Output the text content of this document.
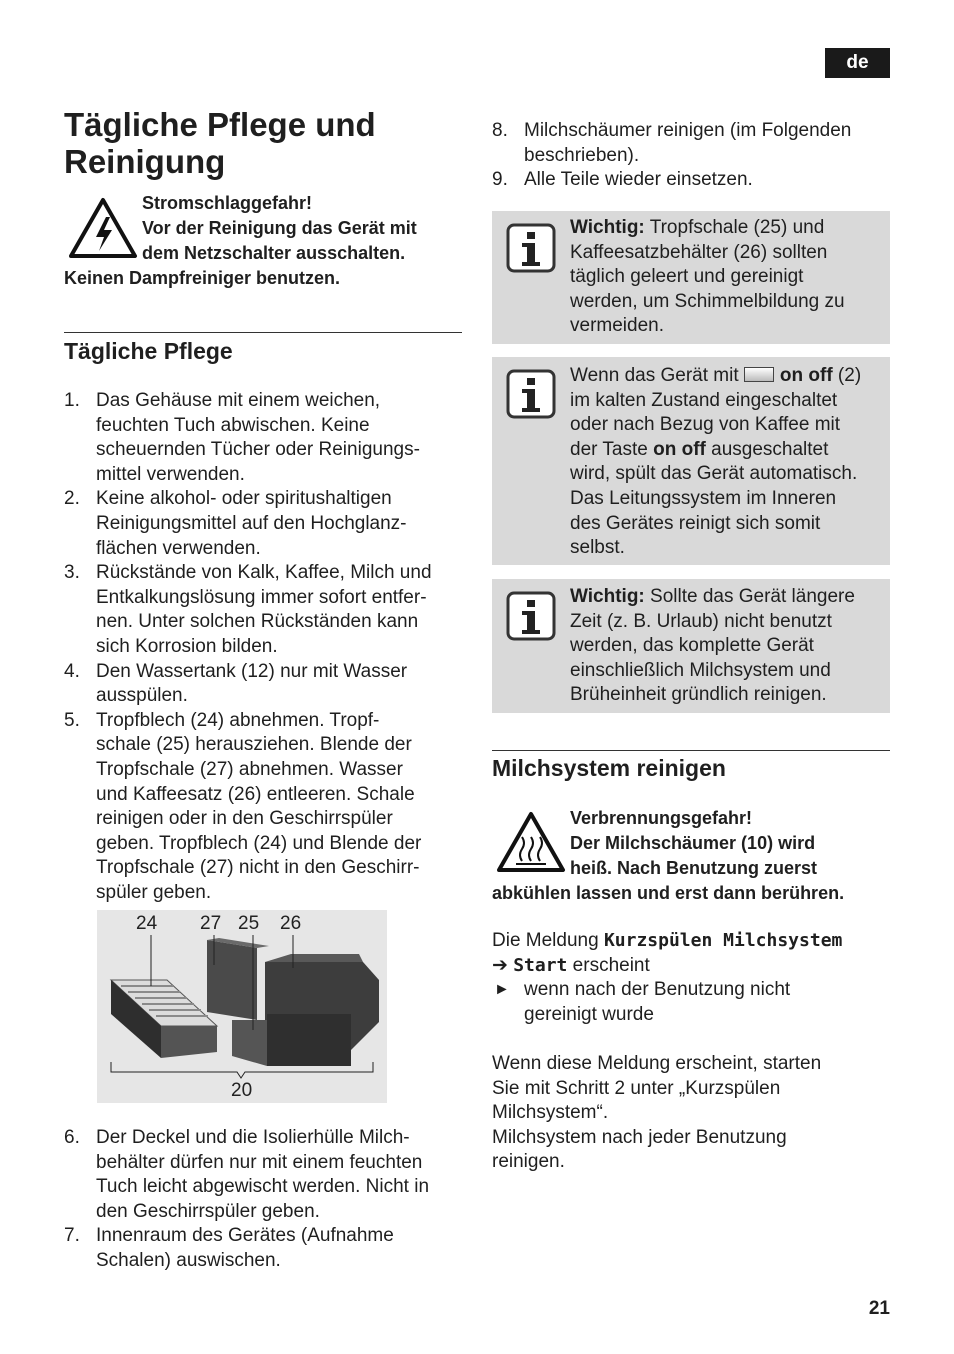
de
Tägliche Pflege und Reinigung
Stromschlaggefahr!
Vor der Reinigung das Gerät mit
dem Netzschalter ausschalten.
Keinen Dampfreiniger benutzen.
Tägliche Pflege
1. Das Gehäuse mit einem weichen,
feuchten Tuch abwischen. Keine
scheuernden Tücher oder Reinigungs-
mittel verwenden.
2. Keine alkohol- oder spiritushaltigen
Reinigungsmittel auf den Hochglanz-
flächen verwenden.
3. Rückstände von Kalk, Kaffee, Milch und
Entkalkungslösung immer sofort entfer-
nen. Unter solchen Rückständen kann
sich Korrosion bilden.
4. Den Wassertank (12) nur mit Wasser
ausspülen.
5. Tropfblech (24) abnehmen. Tropf-
schale (25) herausziehen. Blende der
Tropfschale (27) abnehmen. Wasser
und Kaffeesatz (26) entleeren. Schale
reinigen oder in den Geschirrspüler
geben. Tropfblech (24) und Blende der
Tropfschale (27) nicht in den Geschirr-
spüler geben.
24 27 25 26
20
6. Der Deckel und die Isolierhülle Milch-
behälter dürfen nur mit einem feuchten
Tuch leicht abgewischt werden. Nicht in
den Geschirrspüler geben.
7. Innenraum des Gerätes (Aufnahme
Schalen) auswischen.
8. Milchschäumer reinigen (im Folgenden
beschrieben).
9. Alle Teile wieder einsetzen.
Wichtig: Tropfschale (25) und
Kaffeesatzbehälter (26) sollten
täglich geleert und gereinigt
werden, um Schimmelbildung zu
vermeiden.
Wenn das Gerät mit on off (2)
im kalten Zustand eingeschaltet
oder nach Bezug von Kaffee mit
der Taste on off ausgeschaltet
wird, spült das Gerät automatisch.
Das Leitungssystem im Inneren
des Gerätes reinigt sich somit
selbst.
Wichtig: Sollte das Gerät längere
Zeit (z. B. Urlaub) nicht benutzt
werden, das komplette Gerät
einschließlich Milchsystem und
Brüheinheit gründlich reinigen.
Milchsystem reinigen
Verbrennungsgefahr!
Der Milchschäumer (10) wird
heiß. Nach Benutzung zuerst
abkühlen lassen und erst dann berühren.
Die Meldung Kurzspülen Milchsystem
➔ Start erscheint
► wenn nach der Benutzung nicht
gereinigt wurde
Wenn diese Meldung erscheint, starten
Sie mit Schritt 2 unter „Kurzspülen
Milchsystem“.
Milchsystem nach jeder Benutzung
reinigen.
21
